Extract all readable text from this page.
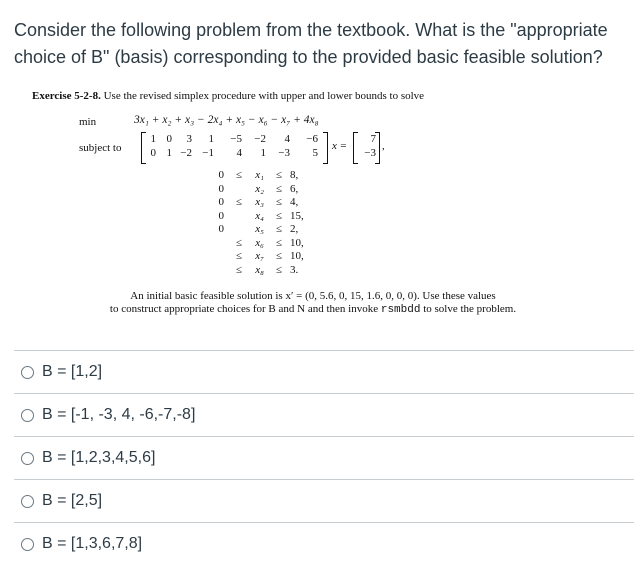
Consider the following problem from the textbook. What is the "appropriate choice of B" (basis) corresponding to the provided basic feasible solution?
Exercise 5-2-8. Use the revised simplex procedure with upper and lower bounds to solve
min	3x₁ + x₂ + x₃ − 2x₄ + x₅ − x₆ − x₇ + 4x₈
subject to
1 0 3 1 −5 −2 4 −6
0 1 −2 −1 4 1 −3 5
x =
7
−3
,
0
0
0
0
0
≤

≤

≤
≤
≤
x₁
x₂
x₃
x₄
x₅
x₆
x₇
x₈
≤
≤
≤
≤
≤
≤
≤
≤
8,
6,
4,
15,
2,
10,
10,
3.
An initial basic feasible solution is x′ = (0, 5.6, 0, 15, 1.6, 0, 0, 0). Use these values
to construct appropriate choices for B and N and then invoke rsmbdd to solve the problem.
B = [1,2]
B = [-1, -3, 4, -6,-7,-8]
B = [1,2,3,4,5,6]
B = [2,5]
B = [1,3,6,7,8]
